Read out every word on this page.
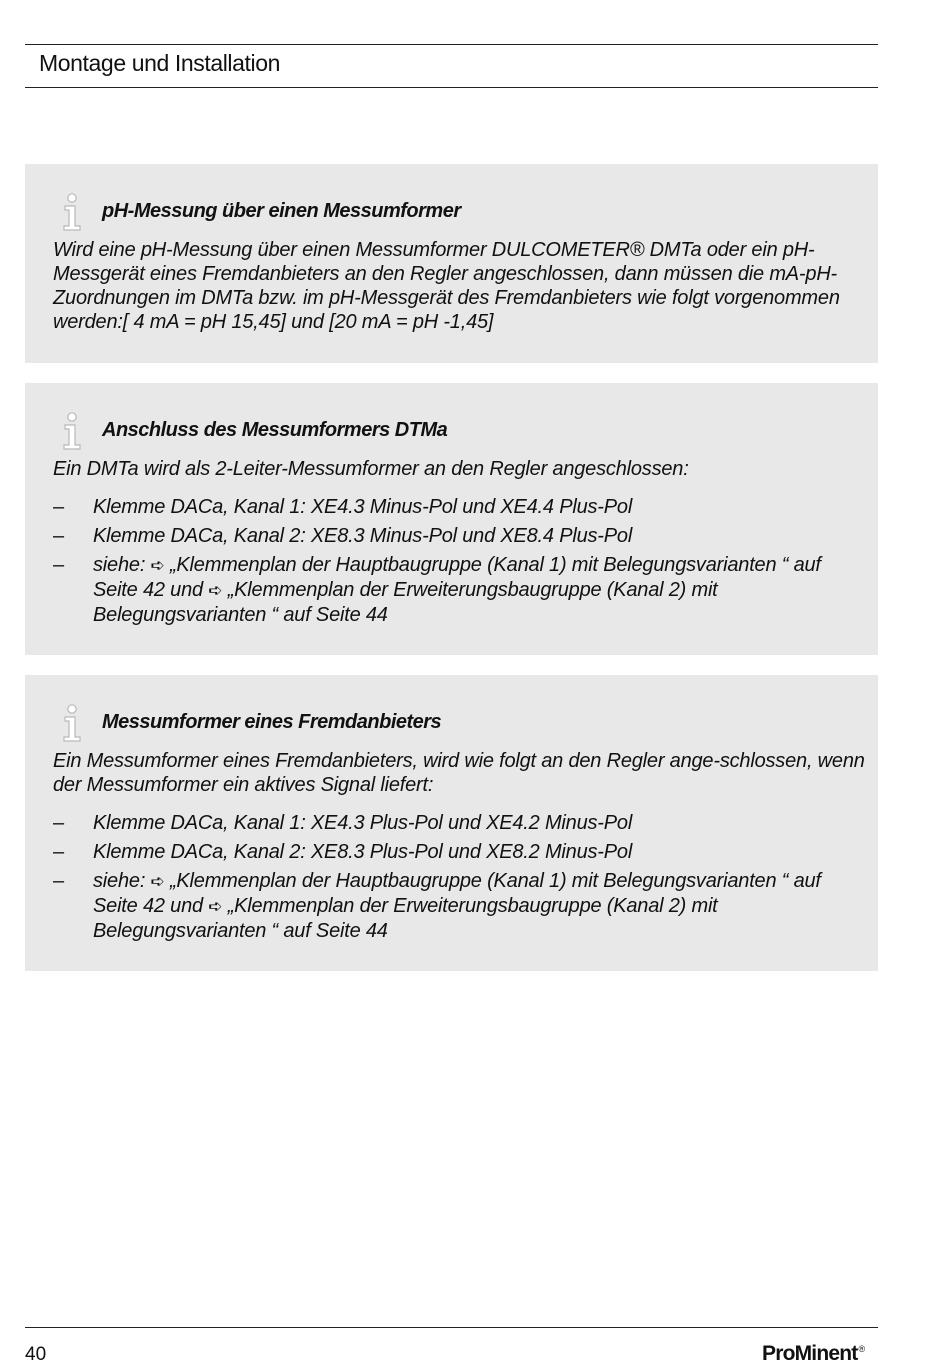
Montage und Installation
pH-Messung über einen Messumformer
Wird eine pH-Messung über einen Messumformer DULCOMETER® DMTa oder ein pH-Messgerät eines Fremdanbieters an den Regler angeschlossen, dann müssen die mA-pH-Zuordnungen im DMTa bzw. im pH-Messgerät des Fremdanbieters wie folgt vorgenommen werden:[ 4 mA = pH 15,45] und [20 mA = pH -1,45]
Anschluss des Messumformers DTMa
Ein DMTa wird als 2-Leiter-Messumformer an den Regler angeschlossen:
– Klemme DACa, Kanal 1: XE4.3 Minus-Pol und XE4.4 Plus-Pol
– Klemme DACa, Kanal 2: XE8.3 Minus-Pol und XE8.4 Plus-Pol
– siehe: ➪ „Klemmenplan der Hauptbaugruppe (Kanal 1) mit Belegungsvarianten “ auf Seite 42 und ➪ „Klemmenplan der Erweiterungsbaugruppe (Kanal 2) mit Belegungsvarianten “ auf Seite 44
Messumformer eines Fremdanbieters
Ein Messumformer eines Fremdanbieters, wird wie folgt an den Regler ange-schlossen, wenn der Messumformer ein aktives Signal liefert:
– Klemme DACa, Kanal 1: XE4.3 Plus-Pol und XE4.2 Minus-Pol
– Klemme DACa, Kanal 2: XE8.3 Plus-Pol und XE8.2 Minus-Pol
– siehe: ➪ „Klemmenplan der Hauptbaugruppe (Kanal 1) mit Belegungsvarianten “ auf Seite 42 und ➪ „Klemmenplan der Erweiterungsbaugruppe (Kanal 2) mit Belegungsvarianten “ auf Seite 44
40	ProMinent®
